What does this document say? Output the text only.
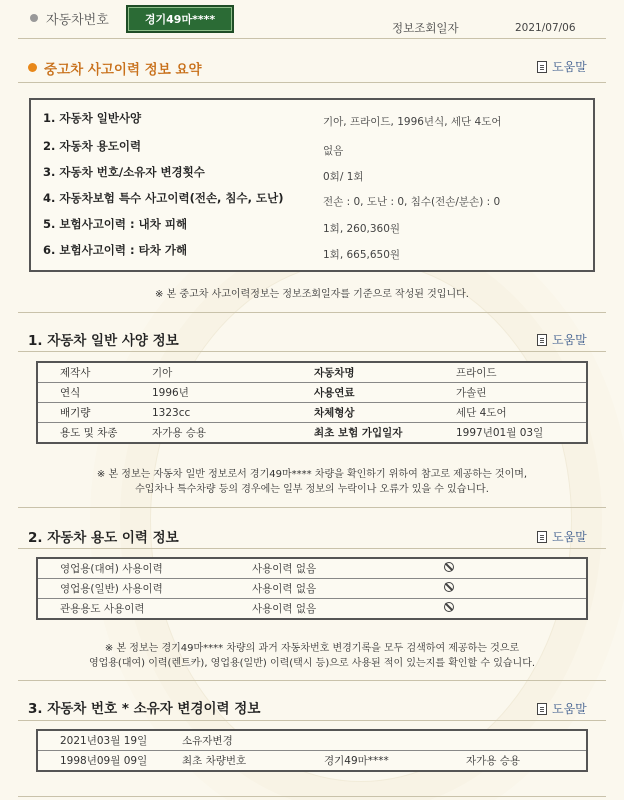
자동차번호	경기49마****
정보조회일자	2021/07/06
중고차 사고이력 정보 요약	도움말
1. 자동차 일반사양	기아, 프라이드, 1996년식, 세단 4도어
2. 자동차 용도이력	없음
3. 자동차 번호/소유자 변경횟수	0회/ 1회
4. 자동차보험 특수 사고이력(전손, 침수, 도난)	전손 : 0, 도난 : 0, 침수(전손/분손) : 0
5. 보험사고이력 : 내차 피해	1회, 260,360원
6. 보험사고이력 : 타차 가해	1회, 665,650원
※ 본 중고차 사고이력정보는 정보조회일자를 기준으로 작성된 것입니다.
1. 자동차 일반 사양 정보	도움말
제작사	기아	자동차명	프라이드
연식	1996년	사용연료	가솔린
배기량	1323cc	차체형상	세단 4도어
용도 및 차종	자가용 승용	최초 보험 가입일자	1997년01월 03일
※ 본 정보는 자동차 일반 정보로서 경기49마**** 차량을 확인하기 위하여 참고로 제공하는 것이며,
수입차나 특수차량 등의 경우에는 일부 정보의 누락이나 오류가 있을 수 있습니다.
2. 자동차 용도 이력 정보	도움말
영업용(대여) 사용이력	사용이력 없음	
영업용(일반) 사용이력	사용이력 없음	
관용용도 사용이력	사용이력 없음	
※ 본 정보는 경기49마**** 차량의 과거 자동차번호 변경기록을 모두 검색하여 제공하는 것으로
영업용(대여) 이력(렌트카), 영업용(일반) 이력(택시 등)으로 사용된 적이 있는지를 확인할 수 있습니다.
3. 자동차 번호 * 소유자 변경이력 정보	도움말
2021년03월 19일	소유자변경		
1998년09월 09일	최초 차량번호	경기49마****	자가용 승용
